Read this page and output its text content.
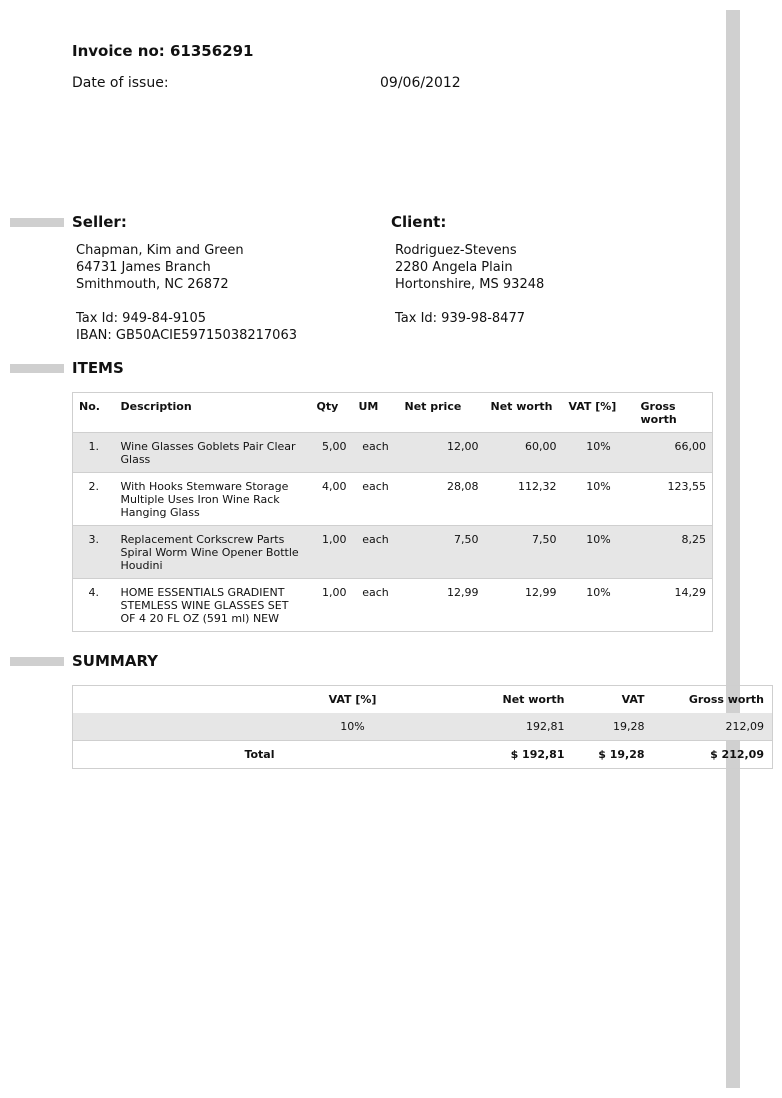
Invoice no: 61356291
Date of issue:	09/06/2012
Seller:	Client:
Chapman, Kim and Green
64731 James Branch
Smithmouth, NC 26872
Tax Id: 949-84-9105
IBAN: GB50ACIE59715038217063
Rodriguez-Stevens
2280 Angela Plain
Hortonshire, MS 93248
Tax Id: 939-98-8477
ITEMS
No.	Description	Qty	UM	Net price	Net worth	VAT [%]	Gross worth
1.	Wine Glasses Goblets Pair Clear Glass	5,00	each	12,00	60,00	10%	66,00
2.	With Hooks Stemware Storage Multiple Uses Iron Wine Rack Hanging Glass	4,00	each	28,08	112,32	10%	123,55
3.	Replacement Corkscrew Parts Spiral Worm Wine Opener Bottle Houdini	1,00	each	7,50	7,50	10%	8,25
4.	HOME ESSENTIALS GRADIENT STEMLESS WINE GLASSES SET OF 4 20 FL OZ (591 ml) NEW	1,00	each	12,99	12,99	10%	14,29
SUMMARY
	VAT [%]	Net worth	VAT	Gross worth
	10%	192,81	19,28	212,09
Total		$ 192,81	$ 19,28	$ 212,09
